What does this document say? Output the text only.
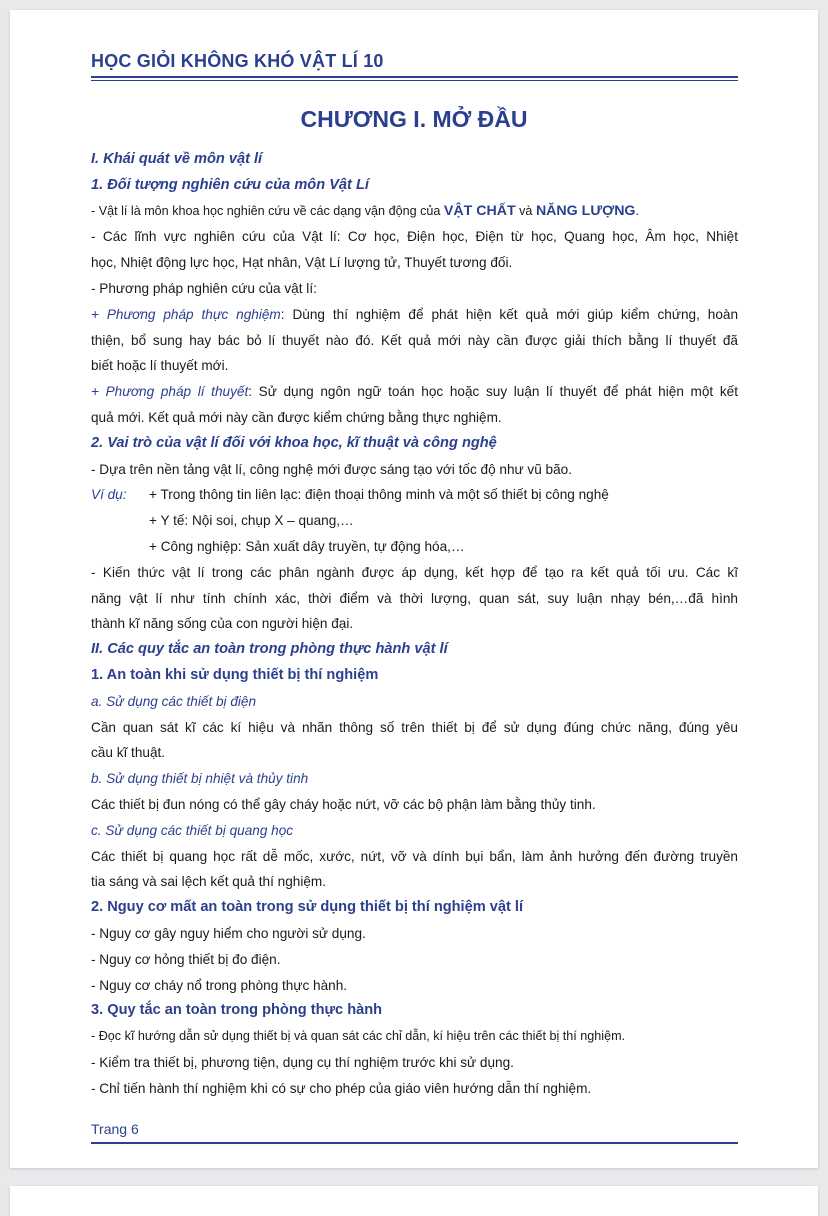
HỌC GIỎI KHÔNG KHÓ VẬT LÍ 10
CHƯƠNG I. MỞ ĐẦU
I. Khái quát về môn vật lí
1. Đối tượng nghiên cứu của môn Vật Lí
- Vật lí là môn khoa học nghiên cứu về các dạng vận động của VẬT CHẤT và NĂNG LƯỢNG.
- Các lĩnh vực nghiên cứu của Vật lí: Cơ học, Điện học, Điện từ học, Quang học, Âm học, Nhiệt
học, Nhiệt động lực học, Hạt nhân, Vật Lí lượng tử, Thuyết tương đối.
- Phương pháp nghiên cứu của vật lí:
+ Phương pháp thực nghiệm: Dùng thí nghiệm để phát hiện kết quả mới giúp kiểm chứng, hoàn
thiện, bổ sung hay bác bỏ lí thuyết nào đó. Kết quả mới này cần được giải thích bằng lí thuyết đã
biết hoặc lí thuyết mới.
+ Phương pháp lí thuyết: Sử dụng ngôn ngữ toán học hoặc suy luận lí thuyết để phát hiện một kết
quả mới. Kết quả mới này cần được kiểm chứng bằng thực nghiệm.
2. Vai trò của vật lí đối với khoa học, kĩ thuật và công nghệ
- Dựa trên nền tảng vật lí, công nghệ mới được sáng tạo với tốc độ như vũ bão.
Ví dụ: + Trong thông tin liên lạc: điện thoại thông minh và một số thiết bị công nghệ
+ Y tế: Nội soi, chụp X – quang,…
+ Công nghiệp: Sản xuất dây truyền, tự động hóa,…
- Kiến thức vật lí trong các phân ngành được áp dụng, kết hợp để tạo ra kết quả tối ưu. Các kĩ
năng vật lí như tính chính xác, thời điểm và thời lượng, quan sát, suy luận nhạy bén,…đã hình
thành kĩ năng sống của con người hiện đại.
II. Các quy tắc an toàn trong phòng thực hành vật lí
1. An toàn khi sử dụng thiết bị thí nghiệm
a. Sử dụng các thiết bị điện
Cần quan sát kĩ các kí hiệu và nhãn thông số trên thiết bị để sử dụng đúng chức năng, đúng yêu
cầu kĩ thuật.
b. Sử dụng thiết bị nhiệt và thủy tinh
Các thiết bị đun nóng có thể gây cháy hoặc nứt, vỡ các bộ phận làm bằng thủy tinh.
c. Sử dụng các thiết bị quang học
Các thiết bị quang học rất dễ mốc, xước, nứt, vỡ và dính bụi bẩn, làm ảnh hưởng đến đường truyền
tia sáng và sai lệch kết quả thí nghiệm.
2. Nguy cơ mất an toàn trong sử dụng thiết bị thí nghiệm vật lí
- Nguy cơ gây nguy hiểm cho người sử dụng.
- Nguy cơ hỏng thiết bị đo điện.
- Nguy cơ cháy nổ trong phòng thực hành.
3. Quy tắc an toàn trong phòng thực hành
- Đọc kĩ hướng dẫn sử dụng thiết bị và quan sát các chỉ dẫn, kí hiệu trên các thiết bị thí nghiệm.
- Kiểm tra thiết bị, phương tiện, dụng cụ thí nghiệm trước khi sử dụng.
- Chỉ tiến hành thí nghiệm khi có sự cho phép của giáo viên hướng dẫn thí nghiệm.
Trang 6
